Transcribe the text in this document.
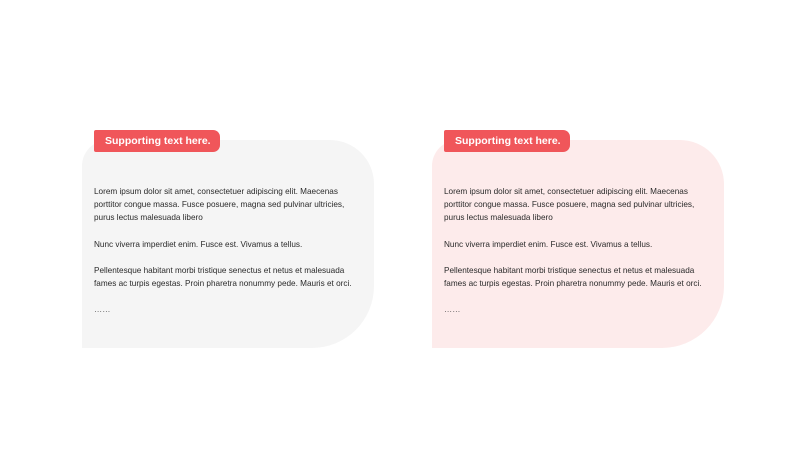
Supporting text here.

Lorem ipsum dolor sit amet, consectetuer adipiscing elit. Maecenas porttitor congue massa. Fusce posuere, magna sed pulvinar ultricies, purus lectus malesuada libero

Nunc viverra imperdiet enim. Fusce est. Vivamus a tellus.

Pellentesque habitant morbi tristique senectus et netus et malesuada fames ac turpis egestas. Proin pharetra nonummy pede. Mauris et orci.

……

Supporting text here.

Lorem ipsum dolor sit amet, consectetuer adipiscing elit. Maecenas porttitor congue massa. Fusce posuere, magna sed pulvinar ultricies, purus lectus malesuada libero

Nunc viverra imperdiet enim. Fusce est. Vivamus a tellus.

Pellentesque habitant morbi tristique senectus et netus et malesuada fames ac turpis egestas. Proin pharetra nonummy pede. Mauris et orci.

……
